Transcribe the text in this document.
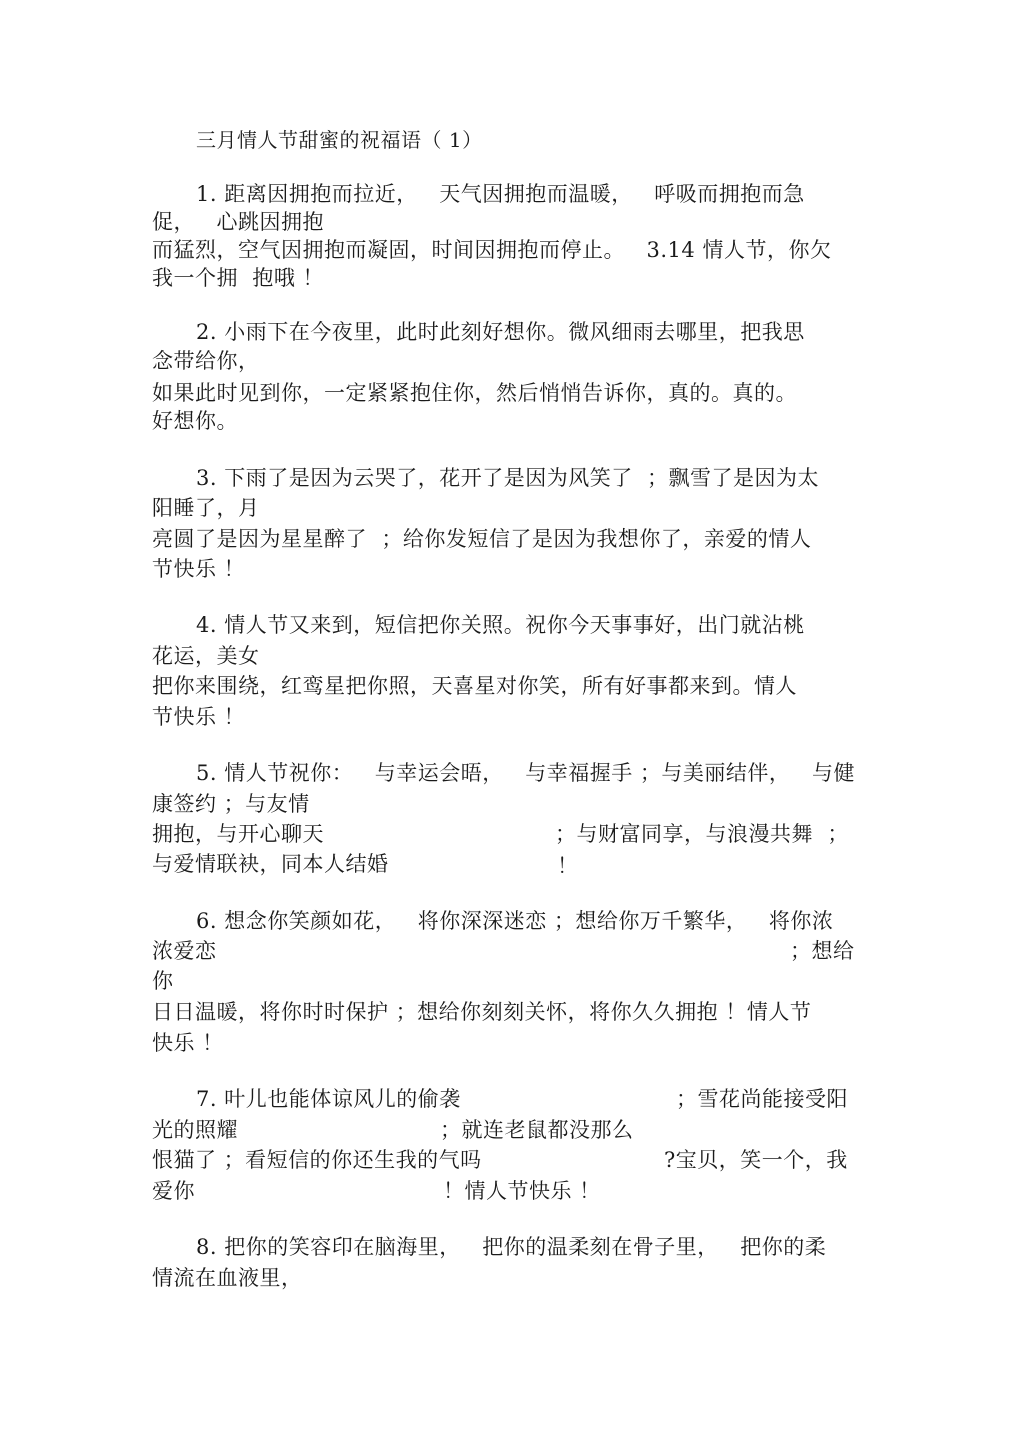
三月情人节甜蜜的祝福语（ 1）
1. 距离因拥抱而拉近，   天气因拥抱而温暖，   呼吸而拥抱而急
促，   心跳因拥抱
而猛烈，空气因拥抱而凝固，时间因拥抱而停止。   3.14 情人节，你欠
我一个拥  抱哦 ！
2. 小雨下在今夜里，此时此刻好想你。微风细雨去哪里，把我思
念带给你，
如果此时见到你，一定紧紧抱住你，然后悄悄告诉你，真的。真的。
好想你。
3. 下雨了是因为云哭了，花开了是因为风笑了  ；飘雪了是因为太
阳睡了，月
亮圆了是因为星星醉了  ；给你发短信了是因为我想你了，亲爱的情人
节快乐 ！
4. 情人节又来到，短信把你关照。祝你今天事事好，出门就沾桃
花运，美女
把你来围绕，红鸾星把你照，天喜星对你笑，所有好事都来到。情人
节快乐 ！
5. 情人节祝你：   与幸运会晤，   与幸福握手 ；与美丽结伴，   与健
康签约 ；与友情
拥抱，与开心聊天	；与财富同享，与浪漫共舞  ；
与爱情联袂，同本人结婚	！
6. 想念你笑颜如花，   将你深深迷恋 ；想给你万千繁华，   将你浓
浓爱恋	；想给
你
日日温暖，将你时时保护 ；想给你刻刻关怀，将你久久拥抱 ！情人节
快乐 ！
7. 叶儿也能体谅风儿的偷袭	；雪花尚能接受阳
光的照耀	；就连老鼠都没那么
恨猫了 ；看短信的你还生我的气吗	?宝贝，笑一个，我
爱你	！情人节快乐 ！
8. 把你的笑容印在脑海里，   把你的温柔刻在骨子里，   把你的柔
情流在血液里，
